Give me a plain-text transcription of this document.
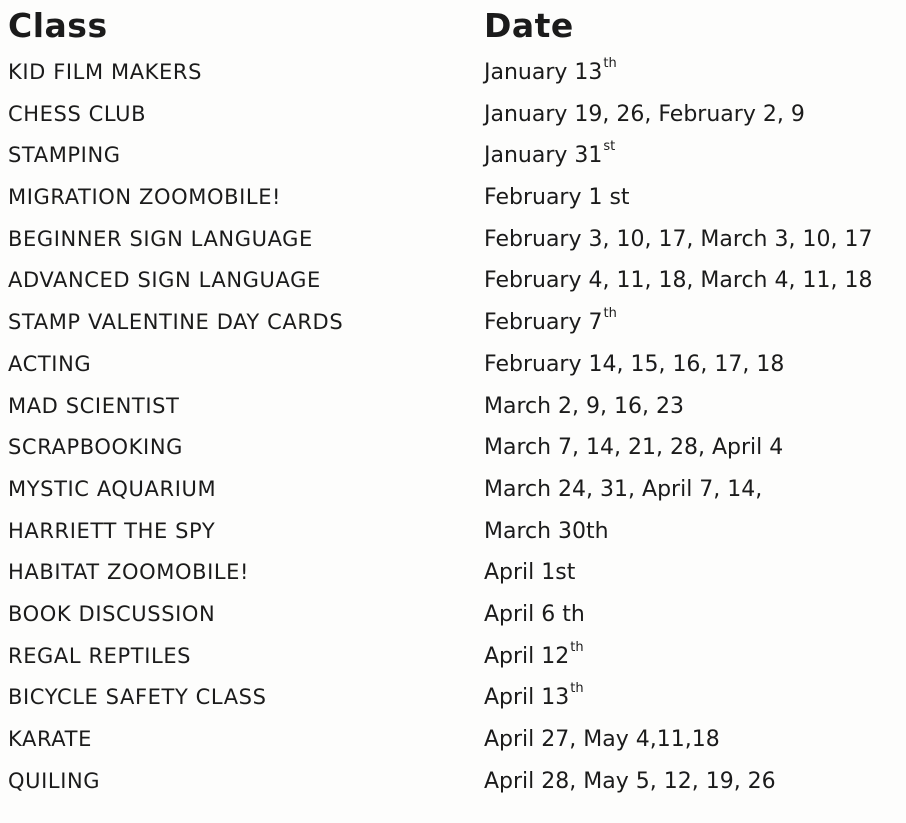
Class	Date
KID FILM MAKERS	January 13th
CHESS CLUB	January 19, 26, February 2, 9
STAMPING	January 31st
MIGRATION ZOOMOBILE!	February 1 st
BEGINNER SIGN LANGUAGE	February 3, 10, 17, March 3, 10, 17
ADVANCED SIGN LANGUAGE	February 4, 11, 18, March 4, 11, 18
STAMP VALENTINE DAY CARDS	February 7th
ACTING	February 14, 15, 16, 17, 18
MAD SCIENTIST	March 2, 9, 16, 23
SCRAPBOOKING	March 7, 14, 21, 28, April 4
MYSTIC AQUARIUM	March 24, 31, April 7, 14,
HARRIETT THE SPY	March 30th
HABITAT ZOOMOBILE!	April 1st
BOOK DISCUSSION	April 6 th
REGAL REPTILES	April 12th
BICYCLE SAFETY CLASS	April 13th
KARATE	April 27, May 4,11,18
QUILING	April 28, May 5, 12, 19, 26
